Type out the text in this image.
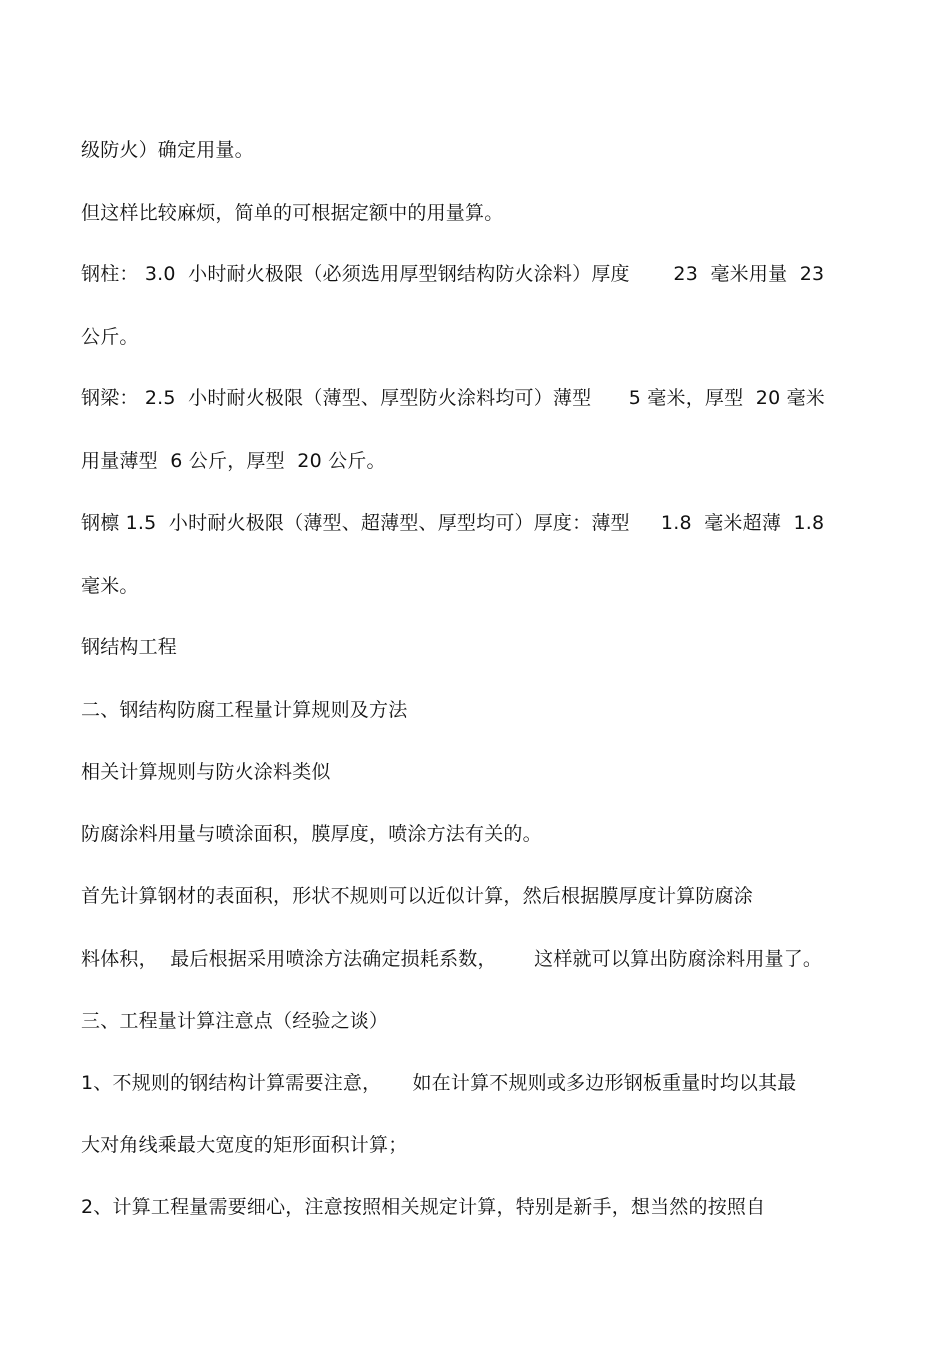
级防火）确定用量。
但这样比较麻烦，简单的可根据定额中的用量算。
钢柱： 3.0  小时耐火极限（必须选用厚型钢结构防火涂料）厚度       23  毫米用量  23
公斤。
钢梁： 2.5  小时耐火极限（薄型、厚型防火涂料均可）薄型      5 毫米，厚型  20 毫米
用量薄型  6 公斤，厚型  20 公斤。
钢檩 1.5  小时耐火极限（薄型、超薄型、厚型均可）厚度：薄型     1.8  毫米超薄  1.8
毫米。
钢结构工程
二、钢结构防腐工程量计算规则及方法
相关计算规则与防火涂料类似
防腐涂料用量与喷涂面积，膜厚度，喷涂方法有关的。
首先计算钢材的表面积，形状不规则可以近似计算，然后根据膜厚度计算防腐涂
料体积，  最后根据采用喷涂方法确定损耗系数，      这样就可以算出防腐涂料用量了。
三、工程量计算注意点（经验之谈）
1、不规则的钢结构计算需要注意，     如在计算不规则或多边形钢板重量时均以其最
大对角线乘最大宽度的矩形面积计算；
2、计算工程量需要细心，注意按照相关规定计算，特别是新手，想当然的按照自
